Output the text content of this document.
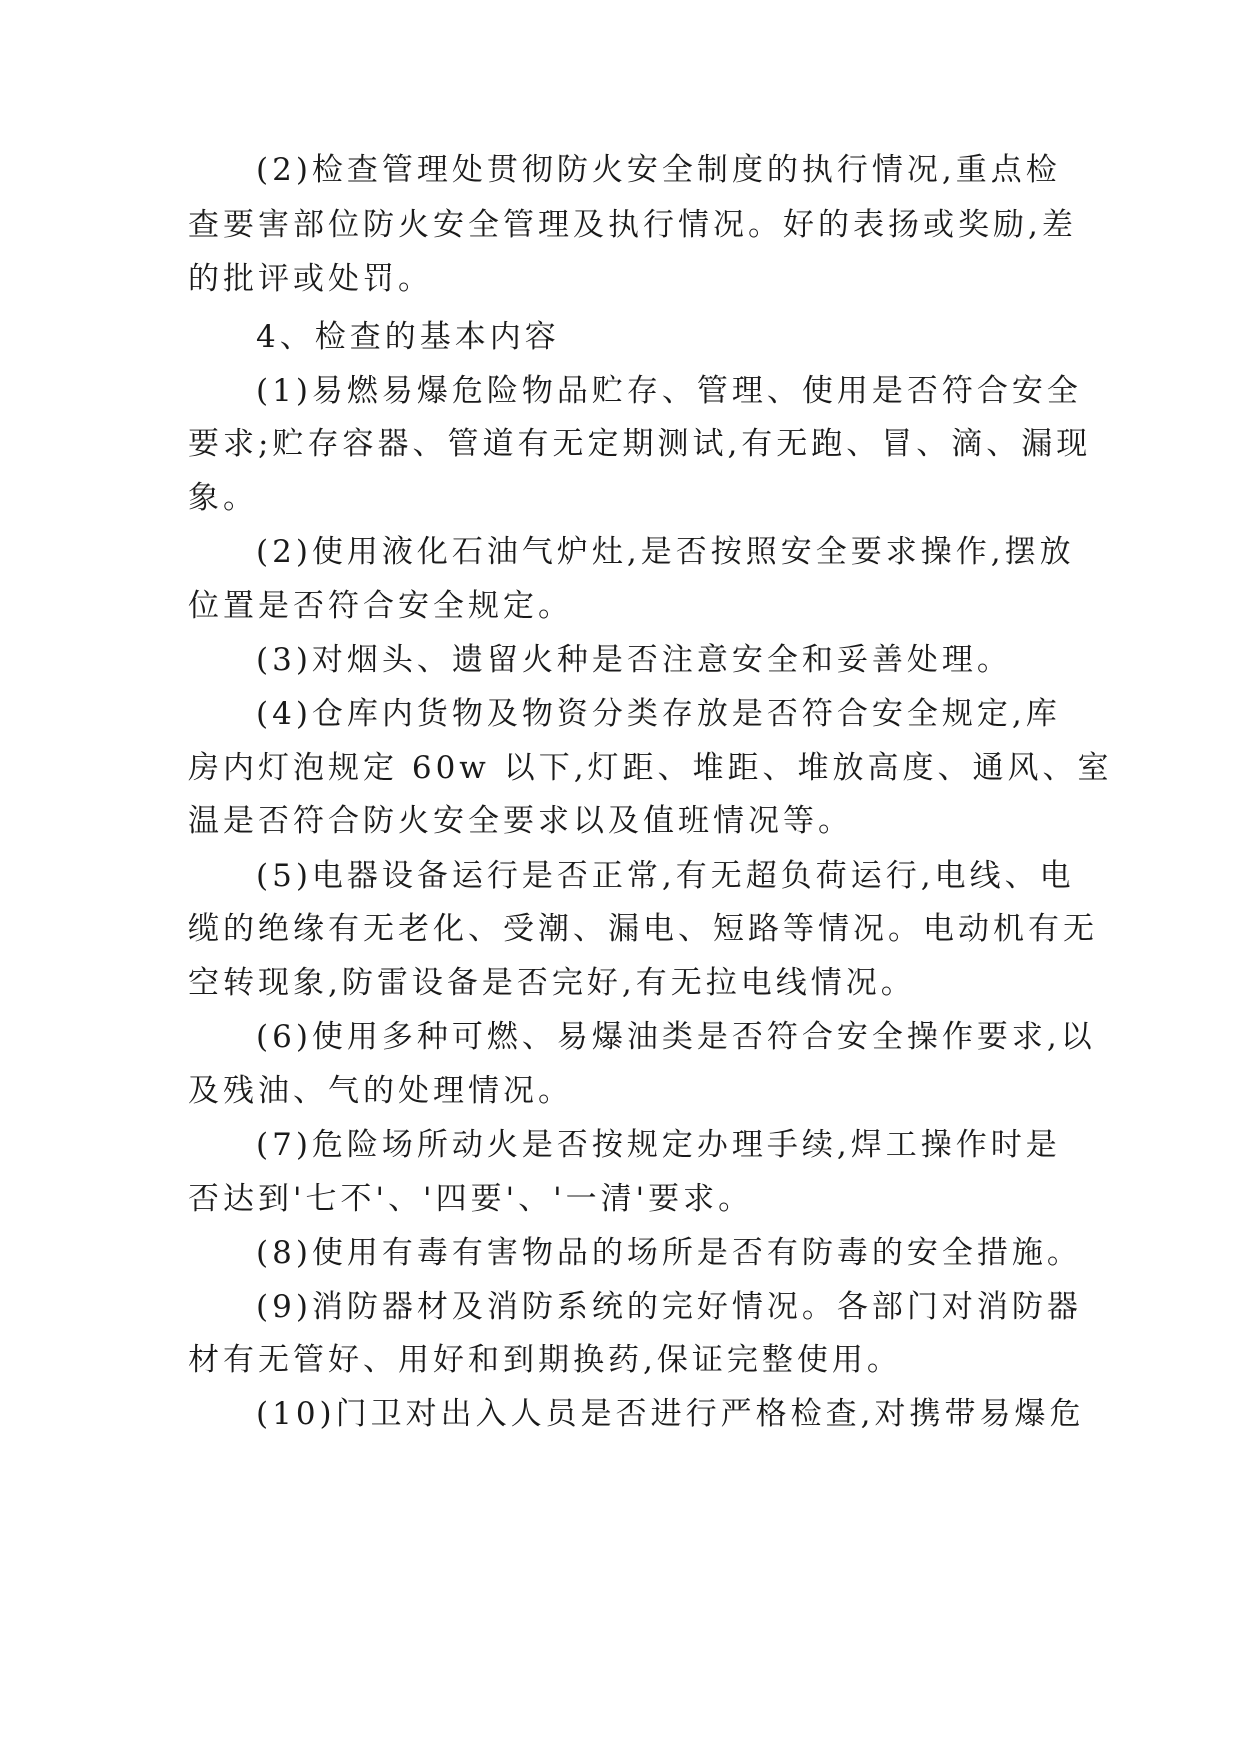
(2)检查管理处贯彻防火安全制度的执行情况,重点检

查要害部位防火安全管理及执行情况。好的表扬或奖励,差

的批评或处罚。

4、检查的基本内容

(1)易燃易爆危险物品贮存、管理、使用是否符合安全

要求;贮存容器、管道有无定期测试,有无跑、冒、滴、漏现

象。

(2)使用液化石油气炉灶,是否按照安全要求操作,摆放

位置是否符合安全规定。

(3)对烟头、遗留火种是否注意安全和妥善处理。

(4)仓库内货物及物资分类存放是否符合安全规定,库

房内灯泡规定 60w 以下,灯距、堆距、堆放高度、通风、室

温是否符合防火安全要求以及值班情况等。

(5)电器设备运行是否正常,有无超负荷运行,电线、电

缆的绝缘有无老化、受潮、漏电、短路等情况。电动机有无

空转现象,防雷设备是否完好,有无拉电线情况。

(6)使用多种可燃、易爆油类是否符合安全操作要求,以

及残油、气的处理情况。

(7)危险场所动火是否按规定办理手续,焊工操作时是

否达到'七不'、'四要'、'一清'要求。

(8)使用有毒有害物品的场所是否有防毒的安全措施。

(9)消防器材及消防系统的完好情况。各部门对消防器

材有无管好、用好和到期换药,保证完整使用。

(10)门卫对出入人员是否进行严格检查,对携带易爆危
